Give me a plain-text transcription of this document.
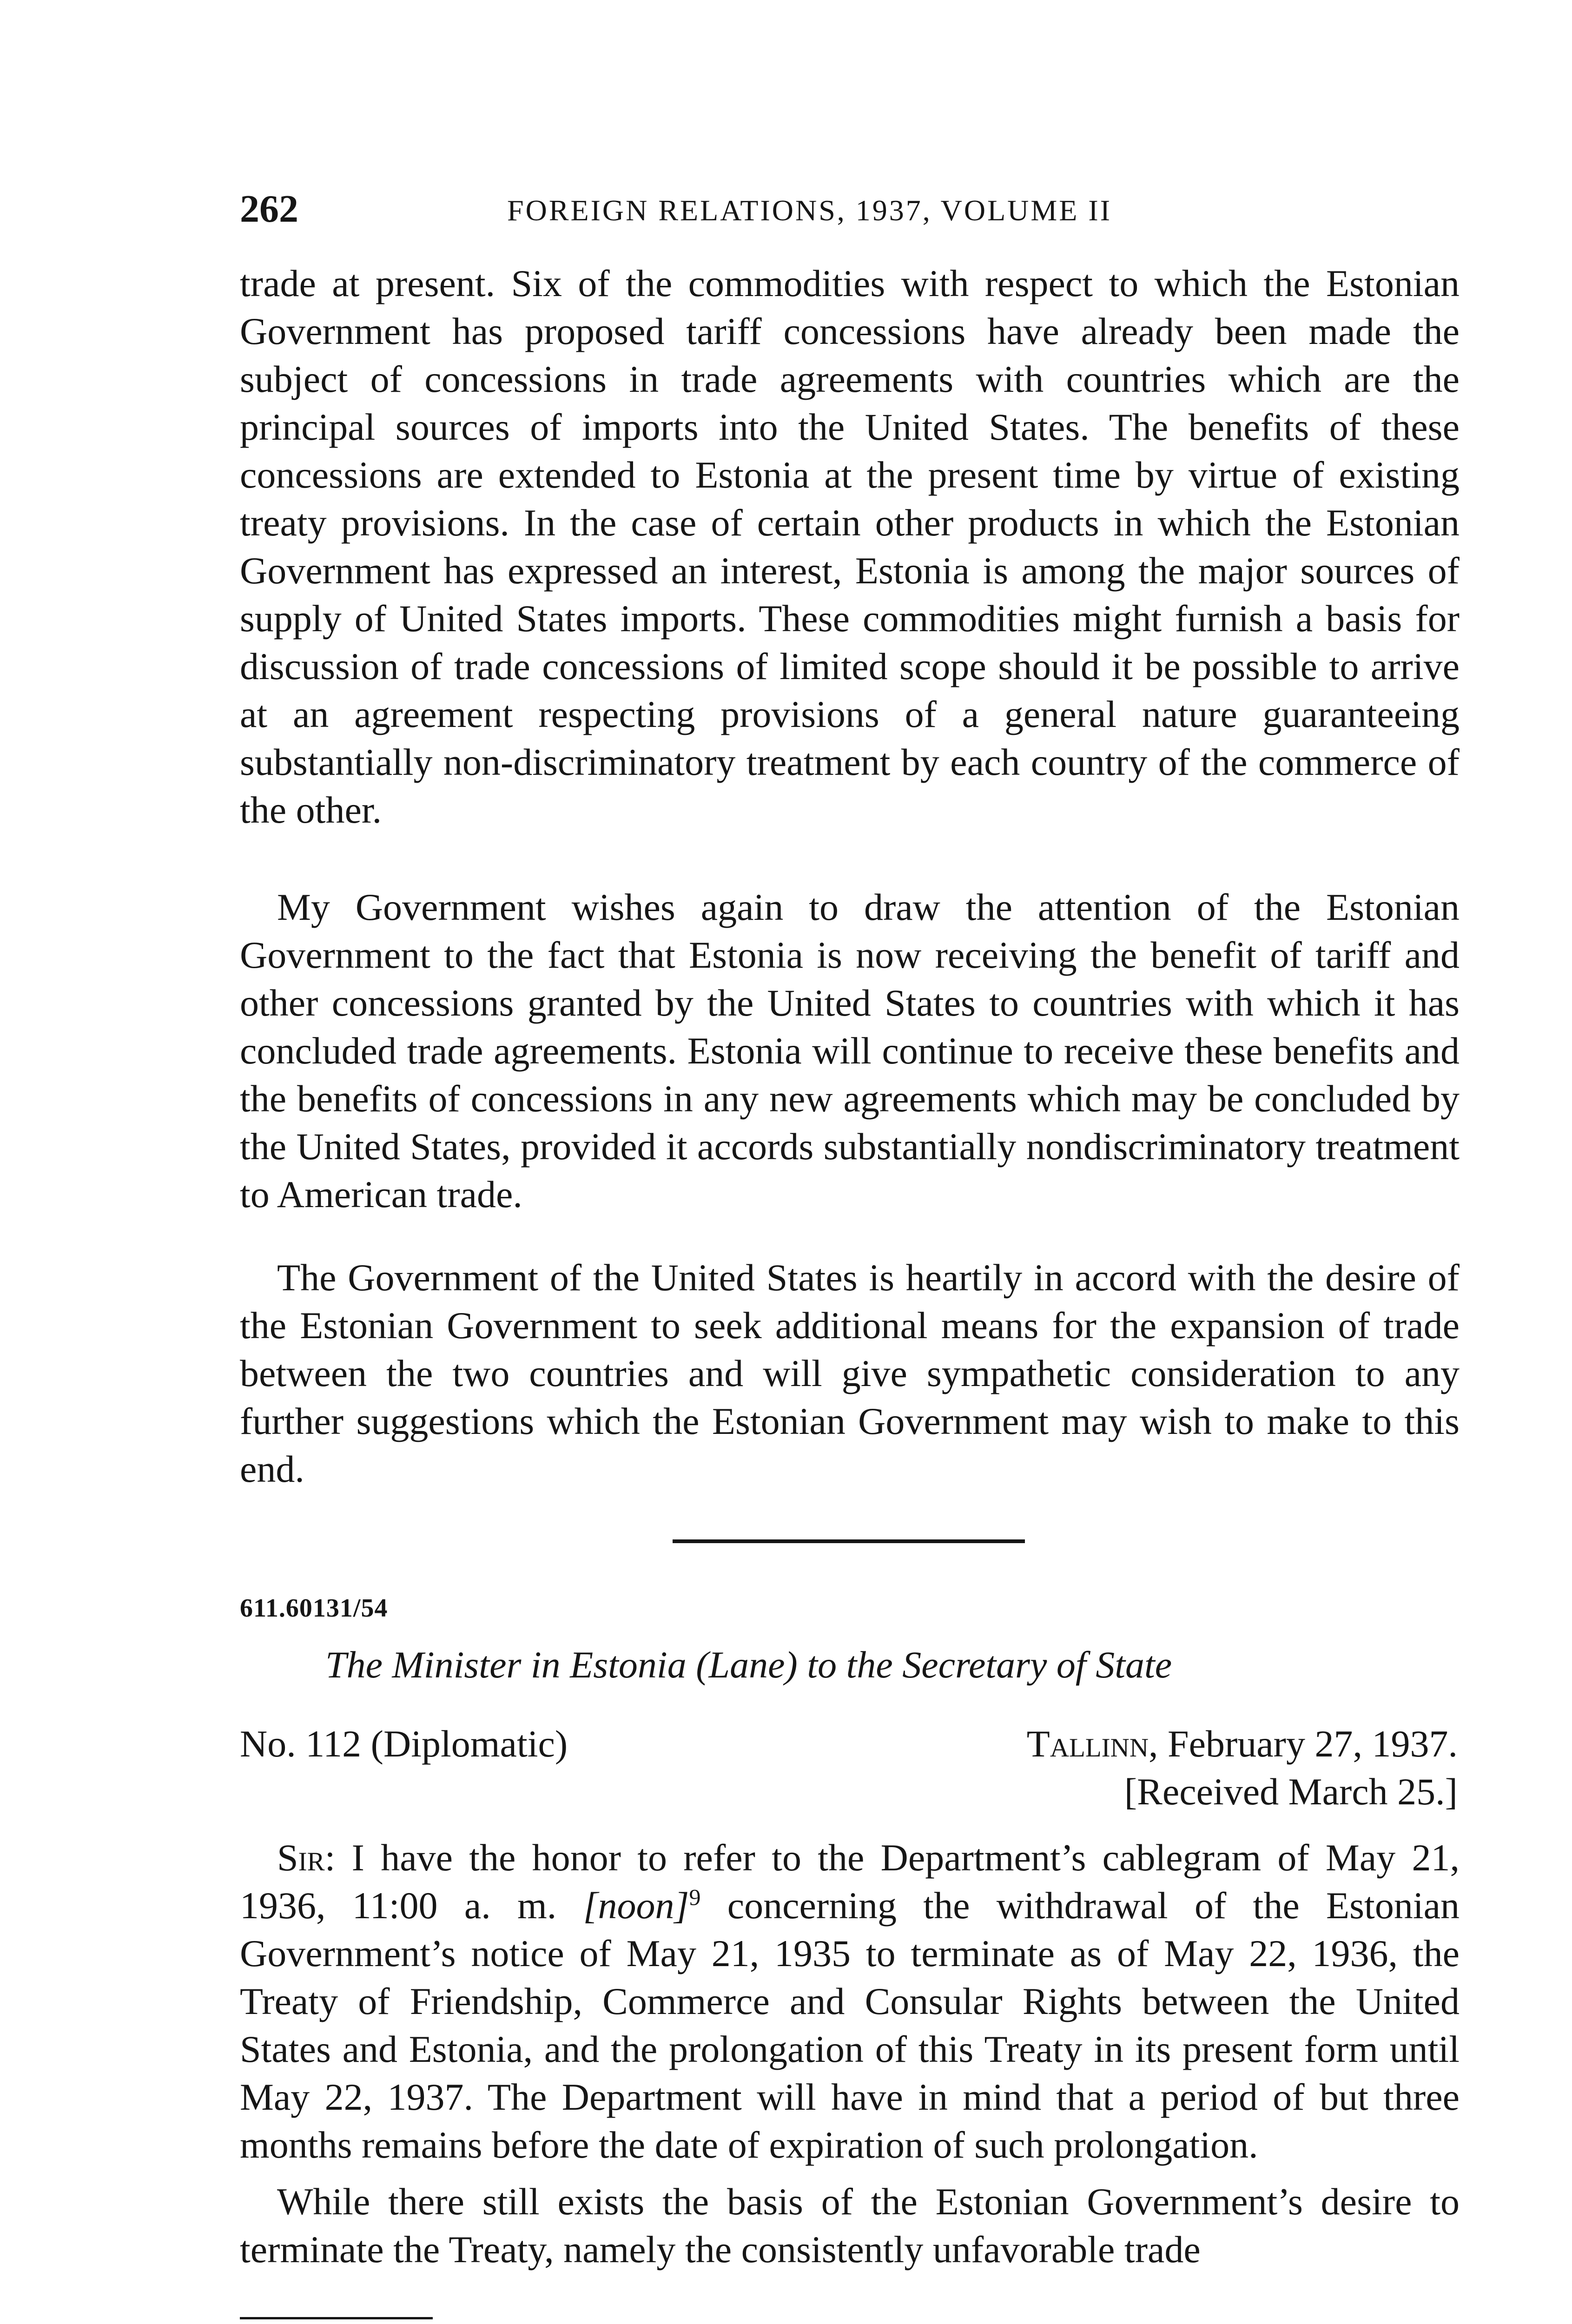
262	FOREIGN RELATIONS, 1937, VOLUME II

trade at present. Six of the commodities with respect to which the Estonian Government has proposed tariff concessions have already been made the subject of concessions in trade agreements with countries which are the principal sources of imports into the United States. The benefits of these concessions are extended to Estonia at the present time by virtue of existing treaty provisions. In the case of certain other products in which the Estonian Government has expressed an interest, Estonia is among the major sources of supply of United States imports. These commodities might furnish a basis for discussion of trade concessions of limited scope should it be possible to arrive at an agreement respecting provisions of a general nature guaranteeing substantially non-discriminatory treatment by each country of the commerce of the other.

My Government wishes again to draw the attention of the Estonian Government to the fact that Estonia is now receiving the benefit of tariff and other concessions granted by the United States to countries with which it has concluded trade agreements. Estonia will continue to receive these benefits and the benefits of concessions in any new agreements which may be concluded by the United States, provided it accords substantially nondiscriminatory treatment to American trade.

The Government of the United States is heartily in accord with the desire of the Estonian Government to seek additional means for the expansion of trade between the two countries and will give sympathetic consideration to any further suggestions which the Estonian Government may wish to make to this end.

611.60131/54
The Minister in Estonia (Lane) to the Secretary of State
No. 112 (Diplomatic)	Tallinn, February 27, 1937.
[Received March 25.]

Sir: I have the honor to refer to the Department’s cablegram of May 21, 1936, 11:00 a. m. [noon]$^9$ concerning the withdrawal of the Estonian Government’s notice of May 21, 1935 to terminate as of May 22, 1936, the Treaty of Friendship, Commerce and Consular Rights between the United States and Estonia, and the prolongation of this Treaty in its present form until May 22, 1937. The Department will have in mind that a period of but three months remains before the date of expiration of such prolongation.

While there still exists the basis of the Estonian Government’s desire to terminate the Treaty, namely the consistently unfavorable trade
